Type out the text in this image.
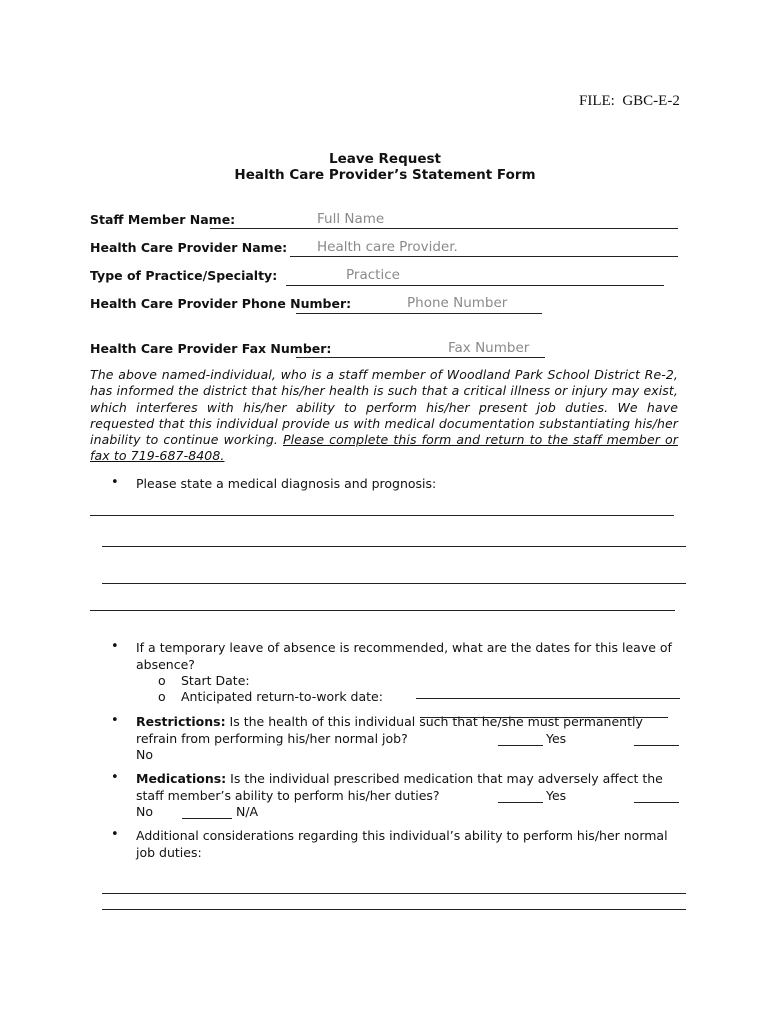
FILE:  GBC-E-2
Leave Request
Health Care Provider’s Statement Form
Staff Member Name:
Full Name
Health Care Provider Name:
Health care Provider.
Type of Practice/Specialty:
Practice
Health Care Provider Phone Number:
Phone Number
Health Care Provider Fax Number:
Fax Number
The above named-individual, who is a staff member of Woodland Park School District Re-2, has informed the district that his/her health is such that a critical illness or injury may exist, which interferes with his/her ability to perform his/her present job duties. We have requested that this individual provide us with medical documentation substantiating his/her inability to continue working. Please complete this form and return to the staff member or fax to 719-687-8408.
• Please state a medical diagnosis and prognosis:
• If a temporary leave of absence is recommended, what are the dates for this leave of absence?
o Start Date:
o Anticipated return-to-work date:
• Restrictions: Is the health of this individual such that he/she must permanently refrain from performing his/her normal job?	Yes
No
• Medications: Is the individual prescribed medication that may adversely affect the staff member’s ability to perform his/her duties?	Yes
No	N/A
• Additional considerations regarding this individual’s ability to perform his/her normal job duties:
